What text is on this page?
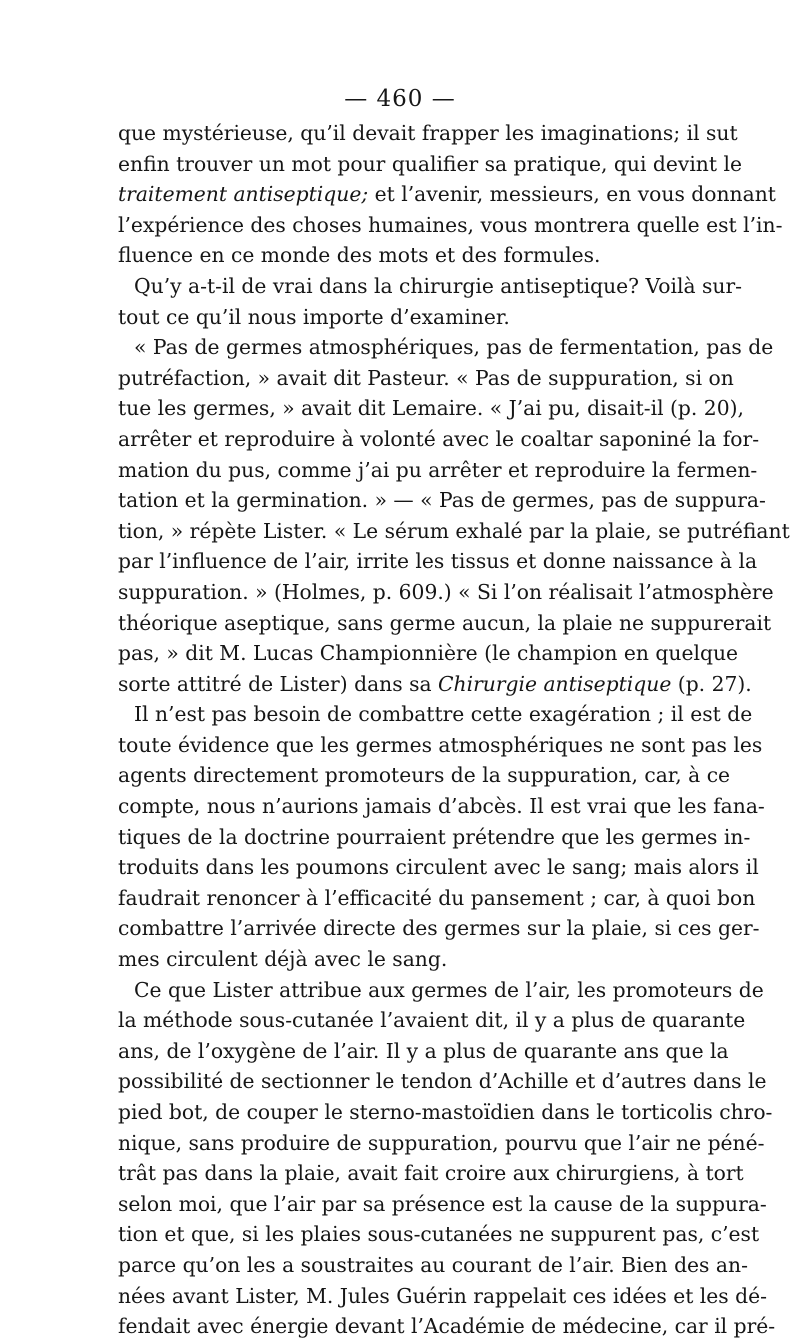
— 460 —
que mystérieuse, qu’il devait frapper les imaginations; il sut
enfin trouver un mot pour qualifier sa pratique, qui devint le
traitement antiseptique; et l’avenir, messieurs, en vous donnant
l’expérience des choses humaines, vous montrera quelle est l’in-
fluence en ce monde des mots et des formules.
Qu’y a-t-il de vrai dans la chirurgie antiseptique? Voilà sur-
tout ce qu’il nous importe d’examiner.
« Pas de germes atmosphériques, pas de fermentation, pas de
putréfaction, » avait dit Pasteur. « Pas de suppuration, si on
tue les germes, » avait dit Lemaire. « J’ai pu, disait-il (p. 20),
arrêter et reproduire à volonté avec le coaltar saponiné la for-
mation du pus, comme j’ai pu arrêter et reproduire la fermen-
tation et la germination. » — « Pas de germes, pas de suppura-
tion, » répète Lister. « Le sérum exhalé par la plaie, se putréfiant
par l’influence de l’air, irrite les tissus et donne naissance à la
suppuration. » (Holmes, p. 609.) « Si l’on réalisait l’atmosphère
théorique aseptique, sans germe aucun, la plaie ne suppurerait
pas, » dit M. Lucas Championnière (le champion en quelque
sorte attitré de Lister) dans sa Chirurgie antiseptique (p. 27).
Il n’est pas besoin de combattre cette exagération ; il est de
toute évidence que les germes atmosphériques ne sont pas les
agents directement promoteurs de la suppuration, car, à ce
compte, nous n’aurions jamais d’abcès. Il est vrai que les fana-
tiques de la doctrine pourraient prétendre que les germes in-
troduits dans les poumons circulent avec le sang; mais alors il
faudrait renoncer à l’efficacité du pansement ; car, à quoi bon
combattre l’arrivée directe des germes sur la plaie, si ces ger-
mes circulent déjà avec le sang.
Ce que Lister attribue aux germes de l’air, les promoteurs de
la méthode sous-cutanée l’avaient dit, il y a plus de quarante
ans, de l’oxygène de l’air. Il y a plus de quarante ans que la
possibilité de sectionner le tendon d’Achille et d’autres dans le
pied bot, de couper le sterno-mastoïdien dans le torticolis chro-
nique, sans produire de suppuration, pourvu que l’air ne péné-
trât pas dans la plaie, avait fait croire aux chirurgiens, à tort
selon moi, que l’air par sa présence est la cause de la suppura-
tion et que, si les plaies sous-cutanées ne suppurent pas, c’est
parce qu’on les a soustraites au courant de l’air. Bien des an-
nées avant Lister, M. Jules Guérin rappelait ces idées et les dé-
fendait avec énergie devant l’Académie de médecine, car il pré-
